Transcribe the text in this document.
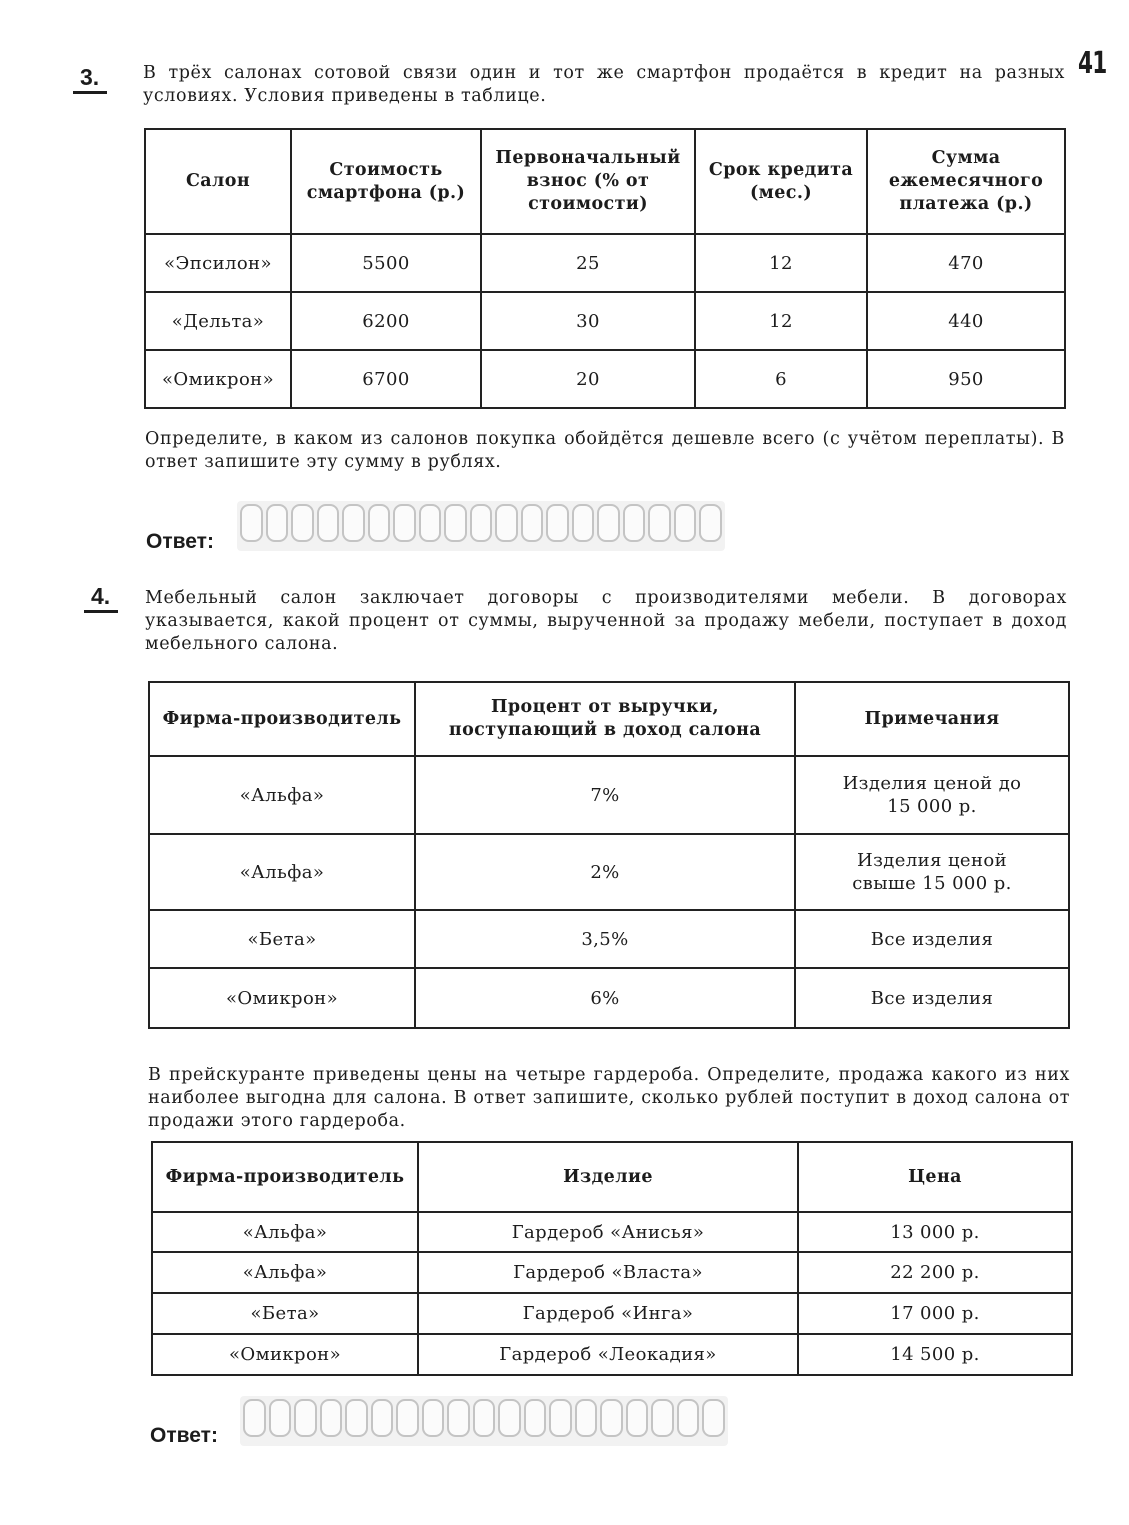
41
3.	В трёх салонах сотовой связи один и тот же смартфон продаётся в кредит на разных условиях. Условия приведены в таблице.
Салон	Стоимость смартфона (р.)	Первоначальный взнос (% от стоимости)	Срок кредита (мес.)	Сумма ежемесячного платежа (р.)
«Эпсилон»	5500	25	12	470
«Дельта»	6200	30	12	440
«Омикрон»	6700	20	6	950
Определите, в каком из салонов покупка обойдётся дешевле всего (с учётом переплаты). В ответ запишите эту сумму в рублях.
Ответ:
4. Мебельный салон заключает договоры с производителями мебели. В договорах указывается, какой процент от суммы, вырученной за продажу мебели, поступает в доход мебельного салона.
Фирма-производитель	Процент от выручки, поступающий в доход салона	Примечания
«Альфа»	7%	Изделия ценой до 15 000 р.
«Альфа»	2%	Изделия ценой свыше 15 000 р.
«Бета»	3,5%	Все изделия
«Омикрон»	6%	Все изделия
В прейскуранте приведены цены на четыре гардероба. Определите, продажа какого из них наиболее выгодна для салона. В ответ запишите, сколько рублей поступит в доход салона от продажи этого гардероба.
Фирма-производитель	Изделие	Цена
«Альфа»	Гардероб «Анисья»	13 000 р.
«Альфа»	Гардероб «Власта»	22 200 р.
«Бета»	Гардероб «Инга»	17 000 р.
«Омикрон»	Гардероб «Леокадия»	14 500 р.
Ответ:
